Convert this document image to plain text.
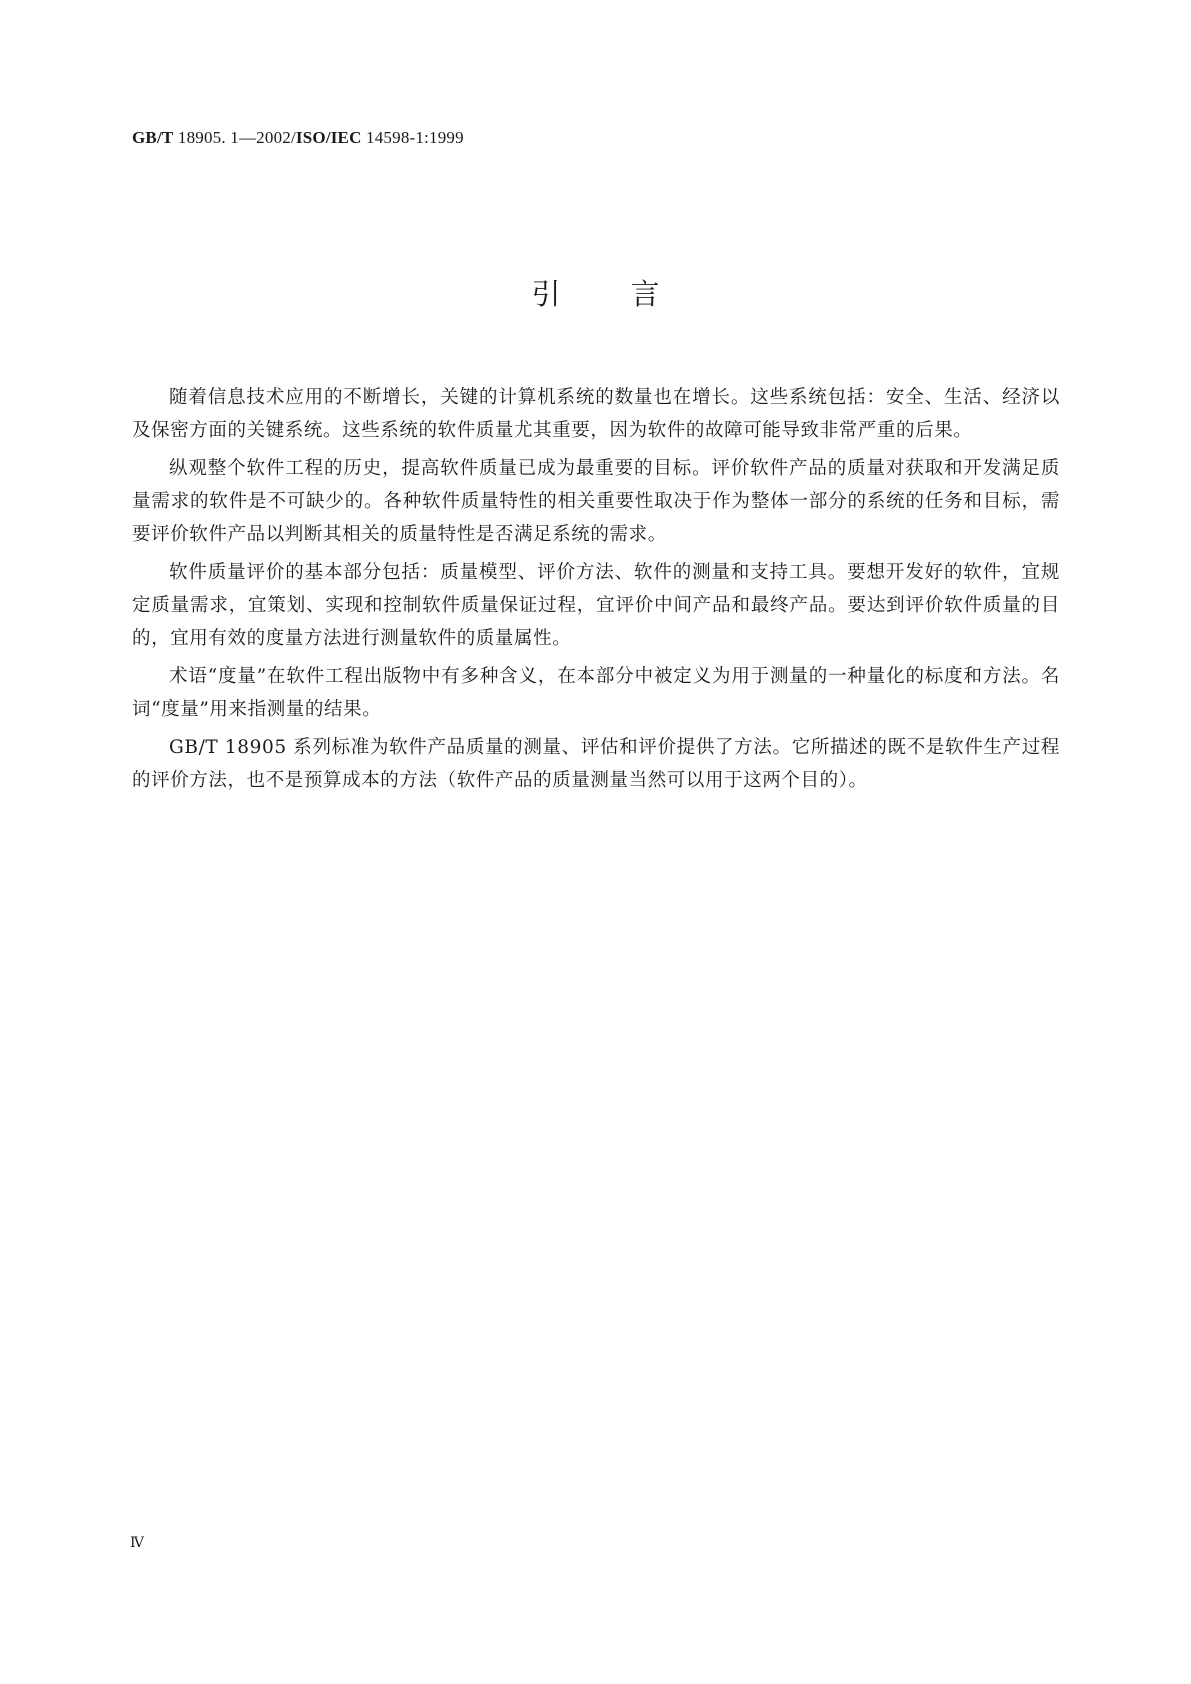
GB/T 18905. 1—2002/ISO/IEC 14598-1:1999
引言

随着信息技术应用的不断增长，关键的计算机系统的数量也在增长。这些系统包括：安全、生活、经济以及保密方面的关键系统。这些系统的软件质量尤其重要，因为软件的故障可能导致非常严重的后果。

纵观整个软件工程的历史，提高软件质量已成为最重要的目标。评价软件产品的质量对获取和开发满足质量需求的软件是不可缺少的。各种软件质量特性的相关重要性取决于作为整体一部分的系统的任务和目标，需要评价软件产品以判断其相关的质量特性是否满足系统的需求。

软件质量评价的基本部分包括：质量模型、评价方法、软件的测量和支持工具。要想开发好的软件，宜规定质量需求，宜策划、实现和控制软件质量保证过程，宜评价中间产品和最终产品。要达到评价软件质量的目的，宜用有效的度量方法进行测量软件的质量属性。

术语“度量”在软件工程出版物中有多种含义，在本部分中被定义为用于测量的一种量化的标度和方法。名词“度量”用来指测量的结果。

GB/T 18905 系列标准为软件产品质量的测量、评估和评价提供了方法。它所描述的既不是软件生产过程的评价方法，也不是预算成本的方法（软件产品的质量测量当然可以用于这两个目的）。

Ⅳ
